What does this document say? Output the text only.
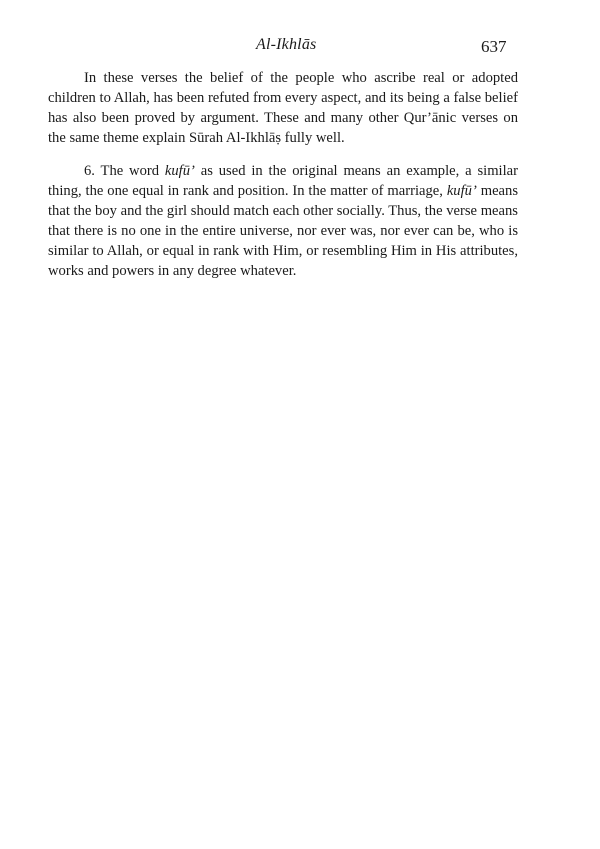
Al-Ikhlās	637

In these verses the belief of the people who ascribe real or adopted children to Allah, has been refuted from every aspect, and its being a false belief has also been proved by argument. These and many other Qur’ānic verses on the same theme explain Sūrah Al-Ikhlāṣ fully well.

6. The word kufū’ as used in the original means an example, a similar thing, the one equal in rank and position. In the matter of marriage, kufū’ means that the boy and the girl should match each other socially. Thus, the verse means that there is no one in the entire universe, nor ever was, nor ever can be, who is similar to Allah, or equal in rank with Him, or resembling Him in His attributes, works and powers in any degree whatever.
